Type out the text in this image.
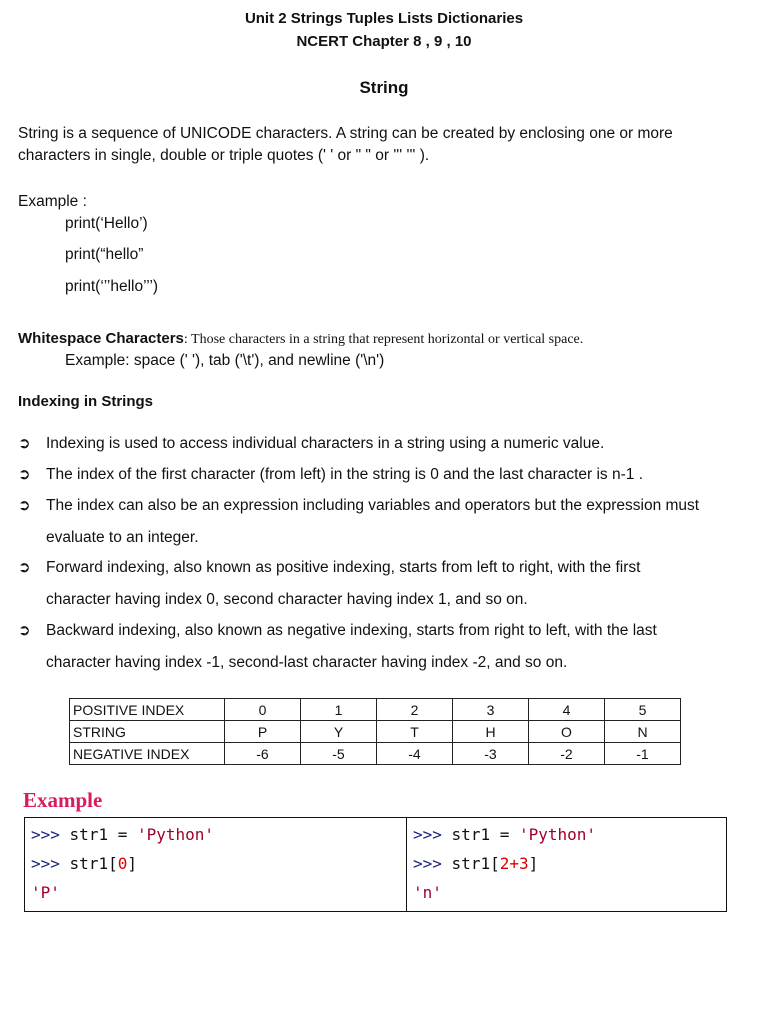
Unit 2 Strings Tuples Lists Dictionaries
NCERT Chapter 8 , 9 , 10
String
String is a sequence of UNICODE characters. A string can be created by enclosing one or more
characters in single, double or triple quotes (' ' or " " or ''' ''' ).
Example :
print(‘Hello’)
print(“hello”
print(‘’’hello’’’)
Whitespace Characters: Those characters in a string that represent horizontal or vertical space.
Example: space (' '), tab ('\t'), and newline ('\n')
Indexing in Strings
➲ Indexing is used to access individual characters in a string using a numeric value.
➲ The index of the first character (from left) in the string is 0 and the last character is n-1 .
➲ The index can also be an expression including variables and operators but the expression must
evaluate to an integer.
➲ Forward indexing, also known as positive indexing, starts from left to right, with the first
character having index 0, second character having index 1, and so on.
➲ Backward indexing, also known as negative indexing, starts from right to left, with the last
character having index -1, second-last character having index -2, and so on.
POSITIVE INDEX	0	1	2	3	4	5
STRING	P	Y	T	H	O	N
NEGATIVE INDEX	-6	-5	-4	-3	-2	-1
Example
>>> str1 = 'Python'
>>> str1[0]
'P'

>>> str1 = 'Python'
>>> str1[2+3]
'n'
